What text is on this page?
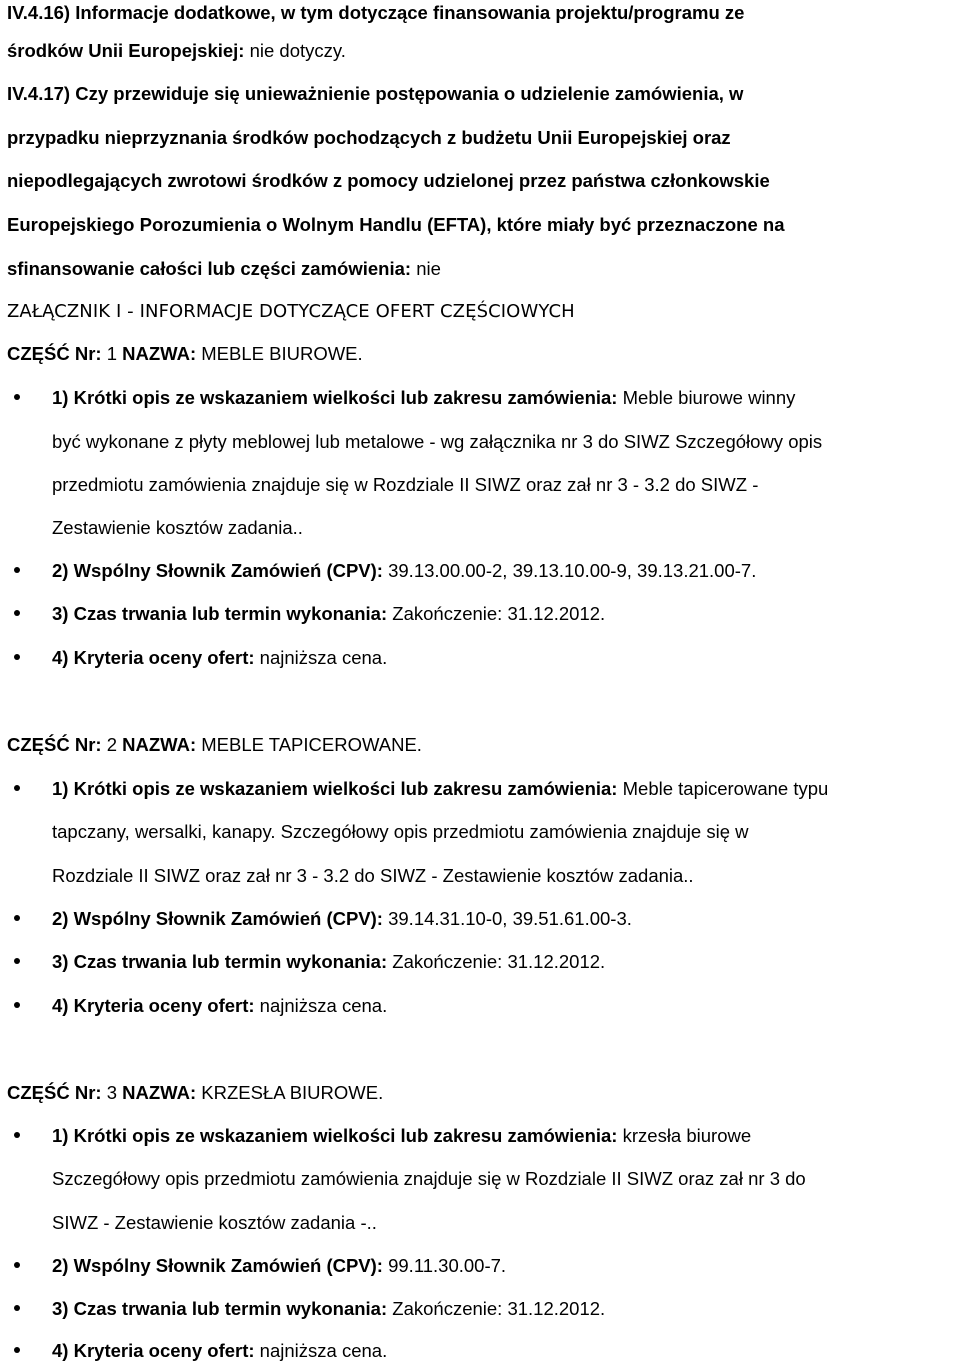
IV.4.16) Informacje dodatkowe, w tym dotyczące finansowania projektu/programu ze
środków Unii Europejskiej: nie dotyczy.
IV.4.17) Czy przewiduje się unieważnienie postępowania o udzielenie zamówienia, w
przypadku nieprzyznania środków pochodzących z budżetu Unii Europejskiej oraz
niepodlegających zwrotowi środków z pomocy udzielonej przez państwa członkowskie
Europejskiego Porozumienia o Wolnym Handlu (EFTA), które miały być przeznaczone na
sfinansowanie całości lub części zamówienia: nie
ZAŁĄCZNIK I - INFORMACJE DOTYCZĄCE OFERT CZĘŚCIOWYCH
CZĘŚĆ Nr: 1 NAZWA: MEBLE BIUROWE.
1) Krótki opis ze wskazaniem wielkości lub zakresu zamówienia: Meble biurowe winny
być wykonane z płyty meblowej lub metalowe - wg załącznika nr 3 do SIWZ Szczegółowy opis
przedmiotu zamówienia znajduje się w Rozdziale II SIWZ oraz zał nr 3 - 3.2 do SIWZ -
Zestawienie kosztów zadania..
2) Wspólny Słownik Zamówień (CPV): 39.13.00.00-2, 39.13.10.00-9, 39.13.21.00-7.
3) Czas trwania lub termin wykonania: Zakończenie: 31.12.2012.
4) Kryteria oceny ofert: najniższa cena.
CZĘŚĆ Nr: 2 NAZWA: MEBLE TAPICEROWANE.
1) Krótki opis ze wskazaniem wielkości lub zakresu zamówienia: Meble tapicerowane typu
tapczany, wersalki, kanapy. Szczegółowy opis przedmiotu zamówienia znajduje się w
Rozdziale II SIWZ oraz zał nr 3 - 3.2 do SIWZ - Zestawienie kosztów zadania..
2) Wspólny Słownik Zamówień (CPV): 39.14.31.10-0, 39.51.61.00-3.
3) Czas trwania lub termin wykonania: Zakończenie: 31.12.2012.
4) Kryteria oceny ofert: najniższa cena.
CZĘŚĆ Nr: 3 NAZWA: KRZESŁA BIUROWE.
1) Krótki opis ze wskazaniem wielkości lub zakresu zamówienia: krzesła biurowe
Szczegółowy opis przedmiotu zamówienia znajduje się w Rozdziale II SIWZ oraz zał nr 3 do
SIWZ - Zestawienie kosztów zadania -..
2) Wspólny Słownik Zamówień (CPV): 99.11.30.00-7.
3) Czas trwania lub termin wykonania: Zakończenie: 31.12.2012.
4) Kryteria oceny ofert: najniższa cena.
